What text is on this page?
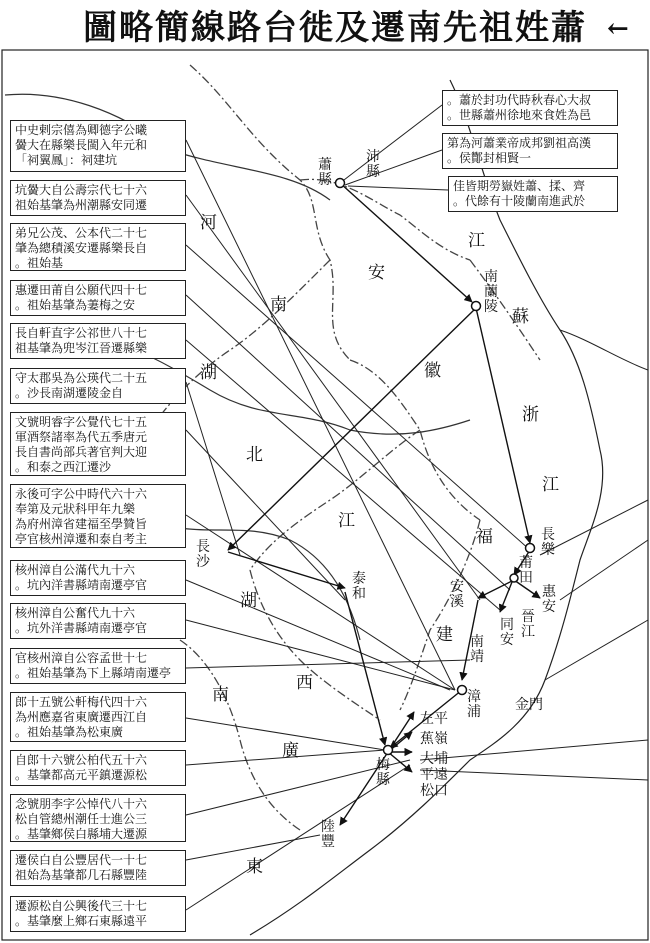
圖略簡線路台徙及遷南先祖姓蕭 ←
中史剌宗僖為卿德字公曦
黌大在縣樂長閩入年元和
「祠翼鳳」：祠建坑
坑黌大自公壽宗代七十六
祖始基肇為州潮縣安同遷
弟兄公茂、公本代二十七
肇為總積溪安遷縣樂長自
。祖始基
惠遷田莆自公願代四十七
。祖始基肇為萋梅之安
長自軒直字公祁世八十七
祖基肇為兜岑江晉遷縣樂
守太郡吳為公瑛代二十五
。沙長南湖遷陵金自
文號明睿字公覺代七十五
軍酒祭諸率為代五季唐元
長自書尚部兵著官判大迎
。和泰之西江遷沙
永後可字公中時代六十六
奉第及元狀科甲年九樂
為府州漳省建福至學贊旨
亭官核州漳遷和泰自考主
核州漳自公滿代九十六
。坑內洋書縣靖南遷亭官
核州漳自公奮代九十六
。坑外洋書縣靖南遷亭官
官核州漳自公容孟世十七
。祖始基肇為下上縣靖南遷亭
郎十五號公軒梅代四十六
為州應嘉省東廣遷西江自
。祖始基肇為松東廣
自郎十六號公柏代五十六
。基肇都高元平鎮遷源松
念號朋李字公悼代八十六
松自管總州潮任士進公三
。基肇鄉侯白縣埔大遷源
遷侯白自公豐居代一十七
祖始為基肇都几石縣豐陸
遷源松自公興後代三十七
。基肇麼上鄉石東縣遠平
。蕭於封功代時秋春心大叔
。世縣蕭州徐地來食姓為邑
第為河蕭業帝成邦劉祖高漢
。侯酇封相賢一
佳皆期勞嶽姓蕭、揉、齊
。代餘有十陵蘭南進武於
蕭縣
沛縣
南蘭陵
長樂
莆田
惠安
晉江
同安
安溪
南靖
漳浦 金門
長沙
泰和
梅縣
陸豐
左平
蕉嶺
大埔
平遠
松口
河
南
湖
北
江
湖
南
西
廣
東
安
徽
江
蘇
浙
江
福
建
